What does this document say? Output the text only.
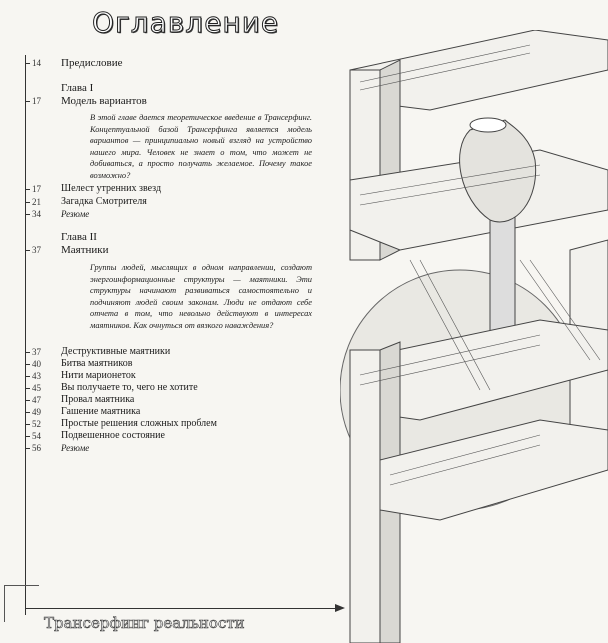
Оглавление
14 Предисловие
Глава I
17 Модель вариантов
В этой главе дается теоретическое введение в Трансерфинг. Концептуальной базой Трансерфинга является модель вариантов — принципиально новый взгляд на устройство нашего мира. Человек не знает о том, что может не добиваться, а просто получать желаемое. Почему такое возможно?
17 Шелест утренних звезд
21 Загадка Смотрителя
34 Резюме
Глава II
37 Маятники
Группы людей, мыслящих в одном направлении, создают энергоинформационные структуры — маятники. Эти структуры начинают развиваться самостоятельно и подчиняют людей своим законам. Люди не отдают себе отчета в том, что невольно действуют в интересах маятников. Как очнуться от вязкого наваждения?
37 Деструктивные маятники
40 Битва маятников
43 Нити марионеток
45 Вы получаете то, чего не хотите
47 Провал маятника
49 Гашение маятника
52 Простые решения сложных проблем
54 Подвешенное состояние
56 Резюме
Трансерфинг реальности
